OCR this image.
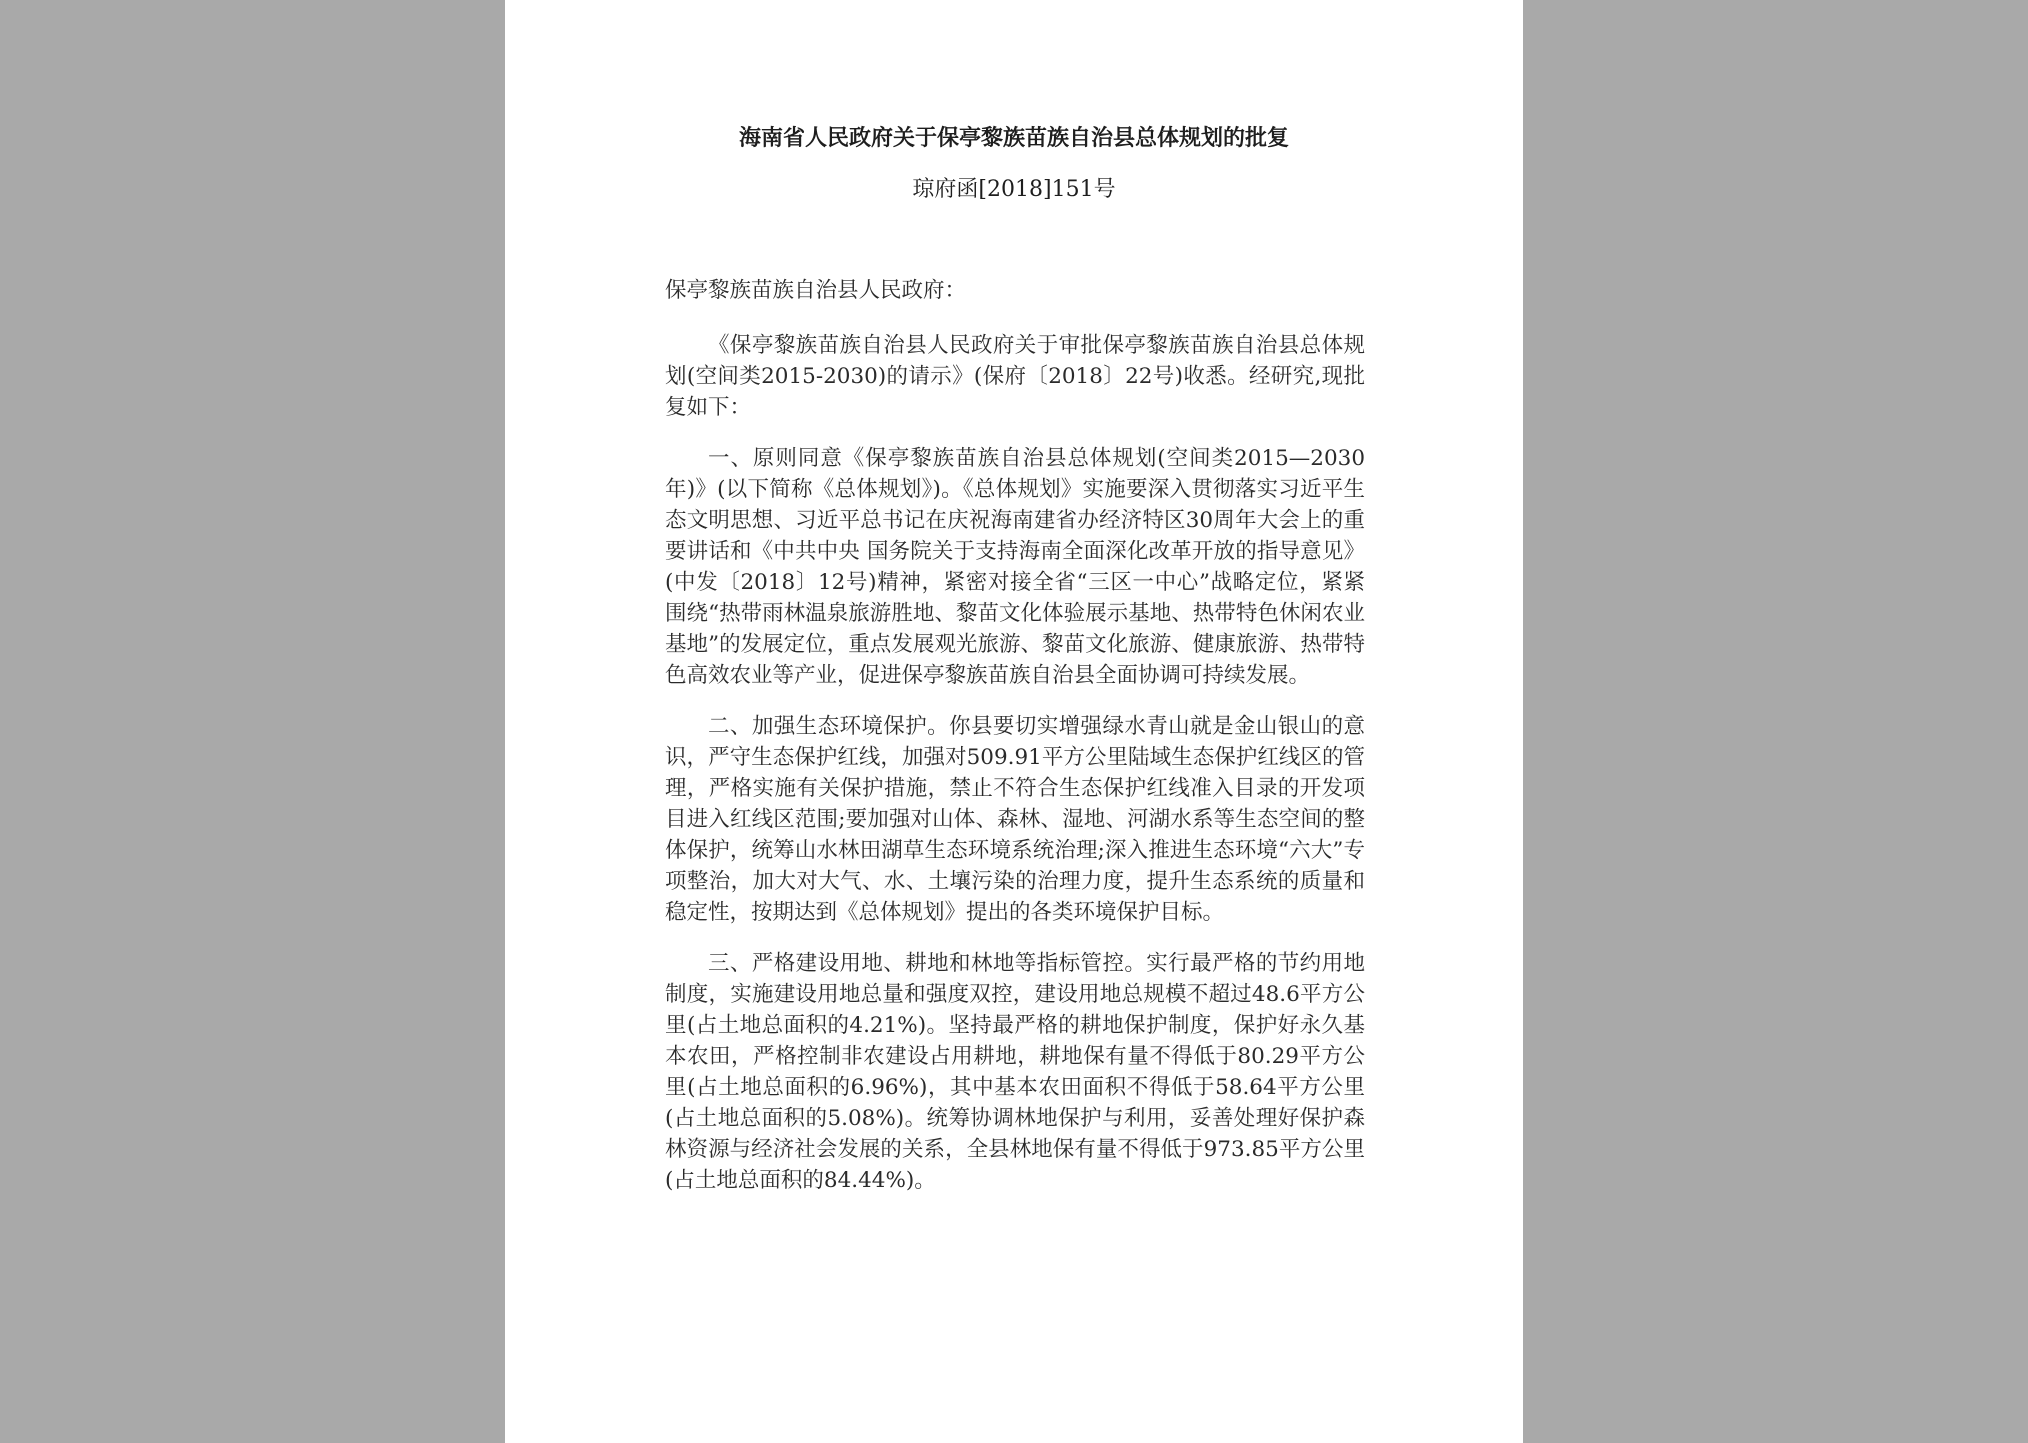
海南省人民政府关于保亭黎族苗族自治县总体规划的批复

琼府函[2018]151号

保亭黎族苗族自治县人民政府：

《保亭黎族苗族自治县人民政府关于审批保亭黎族苗族自治县总体规划(空间类2015-2030)的请示》(保府〔2018〕22号)收悉。经研究,现批复如下：

一、原则同意《保亭黎族苗族自治县总体规划(空间类2015—2030年)》(以下简称《总体规划》)。《总体规划》实施要深入贯彻落实习近平生态文明思想、习近平总书记在庆祝海南建省办经济特区30周年大会上的重要讲话和《中共中央 国务院关于支持海南全面深化改革开放的指导意见》(中发〔2018〕12号)精神，紧密对接全省“三区一中心”战略定位，紧紧围绕“热带雨林温泉旅游胜地、黎苗文化体验展示基地、热带特色休闲农业基地”的发展定位，重点发展观光旅游、黎苗文化旅游、健康旅游、热带特色高效农业等产业，促进保亭黎族苗族自治县全面协调可持续发展。

二、加强生态环境保护。你县要切实增强绿水青山就是金山银山的意识，严守生态保护红线，加强对509.91平方公里陆域生态保护红线区的管理，严格实施有关保护措施，禁止不符合生态保护红线准入目录的开发项目进入红线区范围;要加强对山体、森林、湿地、河湖水系等生态空间的整体保护，统筹山水林田湖草生态环境系统治理;深入推进生态环境“六大”专项整治，加大对大气、水、土壤污染的治理力度，提升生态系统的质量和稳定性，按期达到《总体规划》提出的各类环境保护目标。

三、严格建设用地、耕地和林地等指标管控。实行最严格的节约用地制度，实施建设用地总量和强度双控，建设用地总规模不超过48.6平方公里(占土地总面积的4.21%)。坚持最严格的耕地保护制度，保护好永久基本农田，严格控制非农建设占用耕地，耕地保有量不得低于80.29平方公里(占土地总面积的6.96%)，其中基本农田面积不得低于58.64平方公里(占土地总面积的5.08%)。统筹协调林地保护与利用，妥善处理好保护森林资源与经济社会发展的关系，全县林地保有量不得低于973.85平方公里(占土地总面积的84.44%)。
